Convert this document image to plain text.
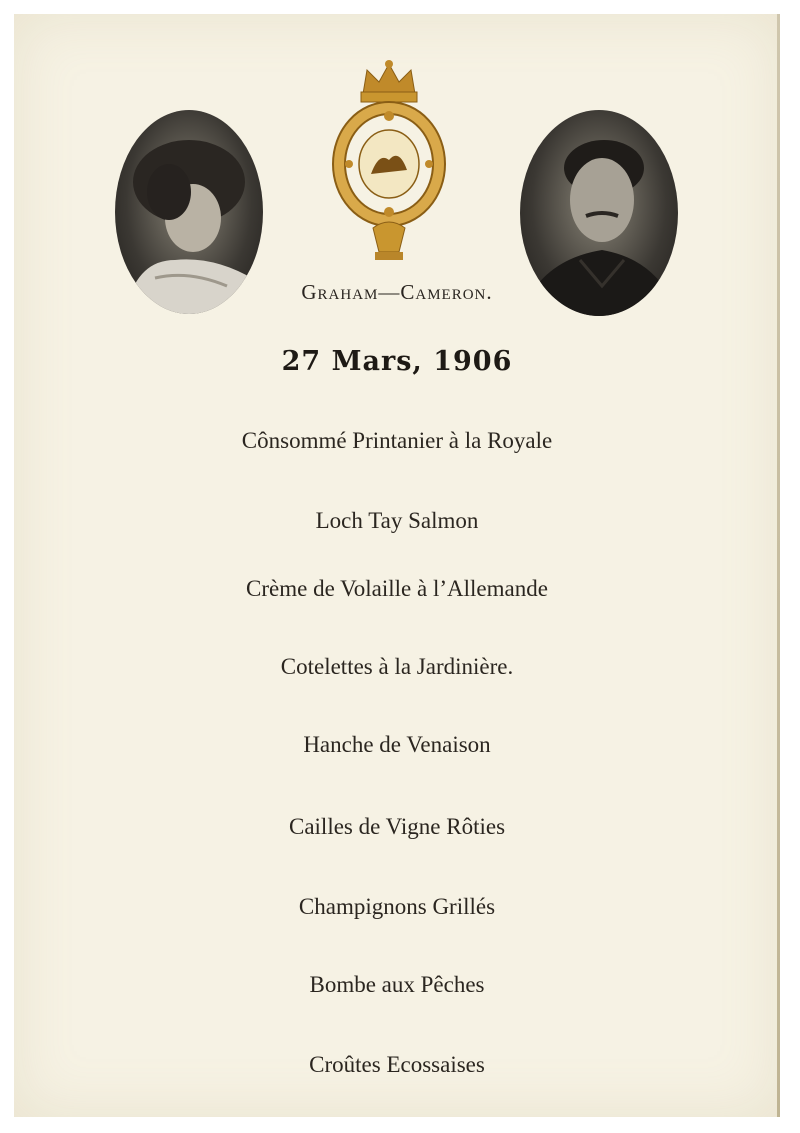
Graham—Cameron.
27 Mars, 1906
Cônsommé Printanier à la Royale
Loch Tay Salmon
Crème de Volaille à l’Allemande
Cotelettes à la Jardinière.
Hanche de Venaison
Cailles de Vigne Rôties
Champignons Grillés
Bombe aux Pêches
Croûtes Ecossaises
